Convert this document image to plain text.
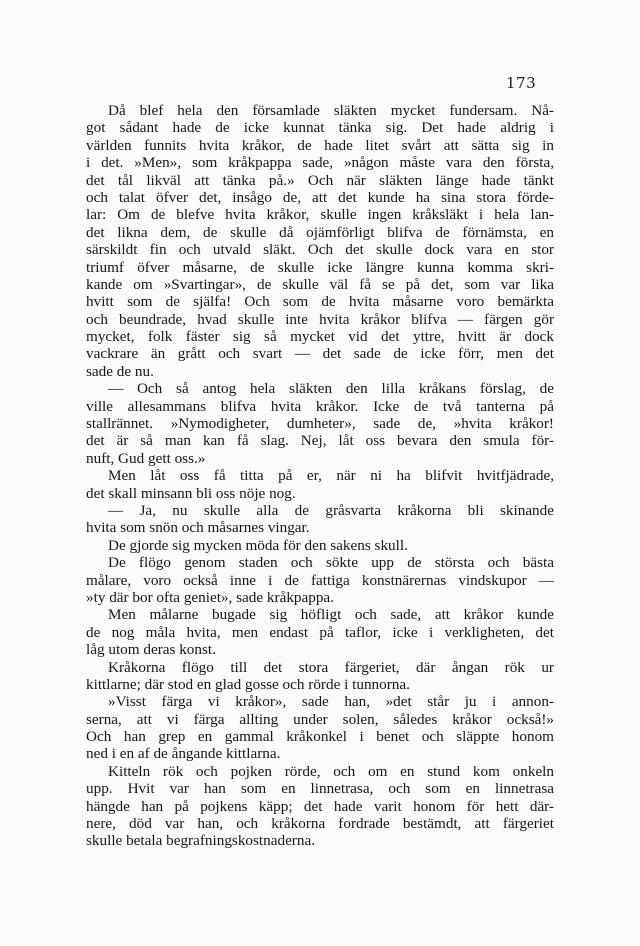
173
Då blef hela den församlade släkten mycket fundersam. Nå-
got sådant hade de icke kunnat tänka sig. Det hade aldrig i
världen funnits hvita kråkor, de hade litet svårt att sätta sig in
i det. »Men», som kråkpappa sade, »någon måste vara den första,
det tål likväl att tänka på.» Och när släkten länge hade tänkt
och talat öfver det, insågo de, att det kunde ha sina stora förde-
lar: Om de blefve hvita kråkor, skulle ingen kråksläkt i hela lan-
det likna dem, de skulle då ojämförligt blifva de förnämsta, en
särskildt fin och utvald släkt. Och det skulle dock vara en stor
triumf öfver måsarne, de skulle icke längre kunna komma skri-
kande om »Svartingar», de skulle väl få se på det, som var lika
hvitt som de själfa! Och som de hvita måsarne voro bemärkta
och beundrade, hvad skulle inte hvita kråkor blifva — färgen gör
mycket, folk fäster sig så mycket vid det yttre, hvitt är dock
vackrare än grått och svart — det sade de icke förr, men det
sade de nu.
— Och så antog hela släkten den lilla kråkans förslag, de
ville allesammans blifva hvita kråkor. Icke de två tanterna på
stallrännet. »Nymodigheter, dumheter», sade de, »hvita kråkor!
det är så man kan få slag. Nej, låt oss bevara den smula för-
nuft, Gud gett oss.»
Men låt oss få titta på er, när ni ha blifvit hvitfjädrade,
det skall minsann bli oss nöje nog.
— Ja, nu skulle alla de gråsvarta kråkorna bli skinande
hvita som snön och måsarnes vingar.
De gjorde sig mycken möda för den sakens skull.
De flögo genom staden och sökte upp de största och bästa
målare, voro också inne i de fattiga konstnärernas vindskupor —
»ty där bor ofta geniet», sade kråkpappa.
Men målarne bugade sig höfligt och sade, att kråkor kunde
de nog måla hvita, men endast på taflor, icke i verkligheten, det
låg utom deras konst.
Kråkorna flögo till det stora färgeriet, där ångan rök ur
kittlarne; där stod en glad gosse och rörde i tunnorna.
»Visst färga vi kråkor», sade han, »det står ju i annon-
serna, att vi färga allting under solen, således kråkor också!»
Och han grep en gammal kråkonkel i benet och släppte honom
ned i en af de ångande kittlarna.
Kitteln rök och pojken rörde, och om en stund kom onkeln
upp. Hvit var han som en linnetrasa, och som en linnetrasa
hängde han på pojkens käpp; det hade varit honom för hett där-
nere, död var han, och kråkorna fordrade bestämdt, att färgeriet
skulle betala begrafningskostnaderna.
